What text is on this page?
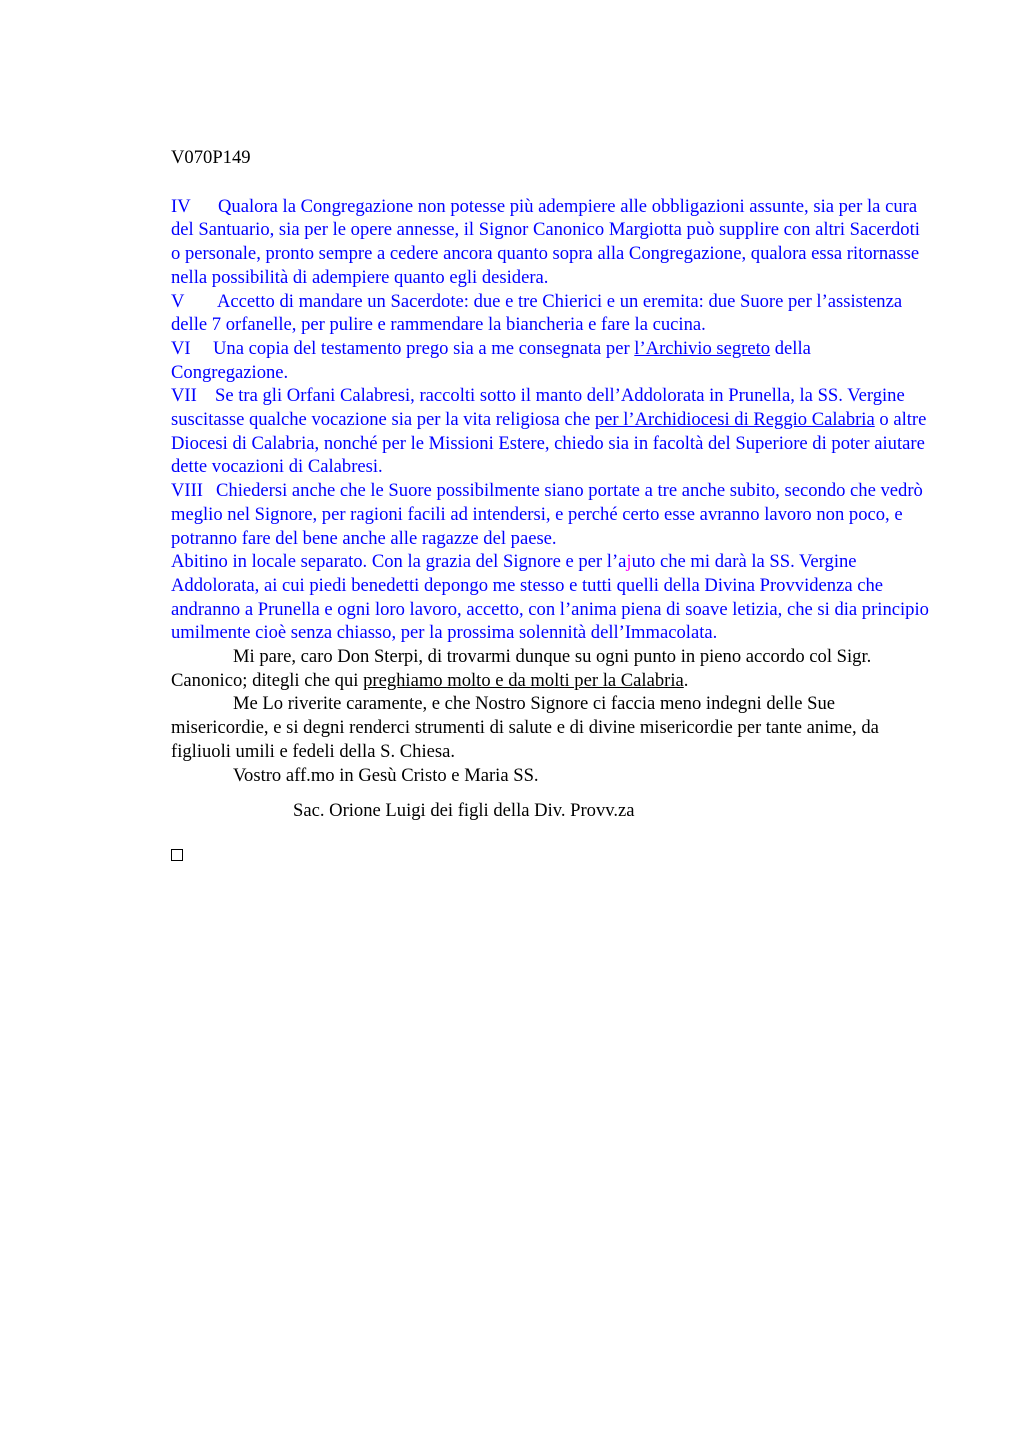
V070P149

IV Qualora la Congregazione non potesse più adempiere alle obbligazioni assunte, sia per la cura del Santuario, sia per le opere annesse, il Signor Canonico Margiotta può supplire con altri Sacerdoti o personale, pronto sempre a cedere ancora quanto sopra alla Congregazione, qualora essa ritornasse nella possibilità di adempiere quanto egli desidera.

V Accetto di mandare un Sacerdote: due e tre Chierici e un eremita: due Suore per l’assistenza delle 7 orfanelle, per pulire e rammendare la biancheria e fare la cucina.

VI Una copia del testamento prego sia a me consegnata per l’Archivio segreto della Congregazione.

VII Se tra gli Orfani Calabresi, raccolti sotto il manto dell’Addolorata in Prunella, la SS. Vergine suscitasse qualche vocazione sia per la vita religiosa che per l’Archidiocesi di Reggio Calabria o altre Diocesi di Calabria, nonché per le Missioni Estere, chiedo sia in facoltà del Superiore di poter aiutare dette vocazioni di Calabresi.

VIII Chiedersi anche che le Suore possibilmente siano portate a tre anche subito, secondo che vedrò meglio nel Signore, per ragioni facili ad intendersi, e perché certo esse avranno lavoro non poco, e potranno fare del bene anche alle ragazze del paese.

Abitino in locale separato. Con la grazia del Signore e per l’ajuto che mi darà la SS. Vergine Addolorata, ai cui piedi benedetti depongo me stesso e tutti quelli della Divina Provvidenza che andranno a Prunella e ogni loro lavoro, accetto, con l’anima piena di soave letizia, che si dia principio umilmente cioè senza chiasso, per la prossima solennità dell’Immacolata.

Mi pare, caro Don Sterpi, di trovarmi dunque su ogni punto in pieno accordo col Sigr. Canonico; ditegli che qui preghiamo molto e da molti per la Calabria.

Me Lo riverite caramente, e che Nostro Signore ci faccia meno indegni delle Sue misericordie, e si degni renderci strumenti di salute e di divine misericordie per tante anime, da figliuoli umili e fedeli della S. Chiesa.

Vostro aff.mo in Gesù Cristo e Maria SS.

Sac. Orione Luigi dei figli della Div. Provv.za
